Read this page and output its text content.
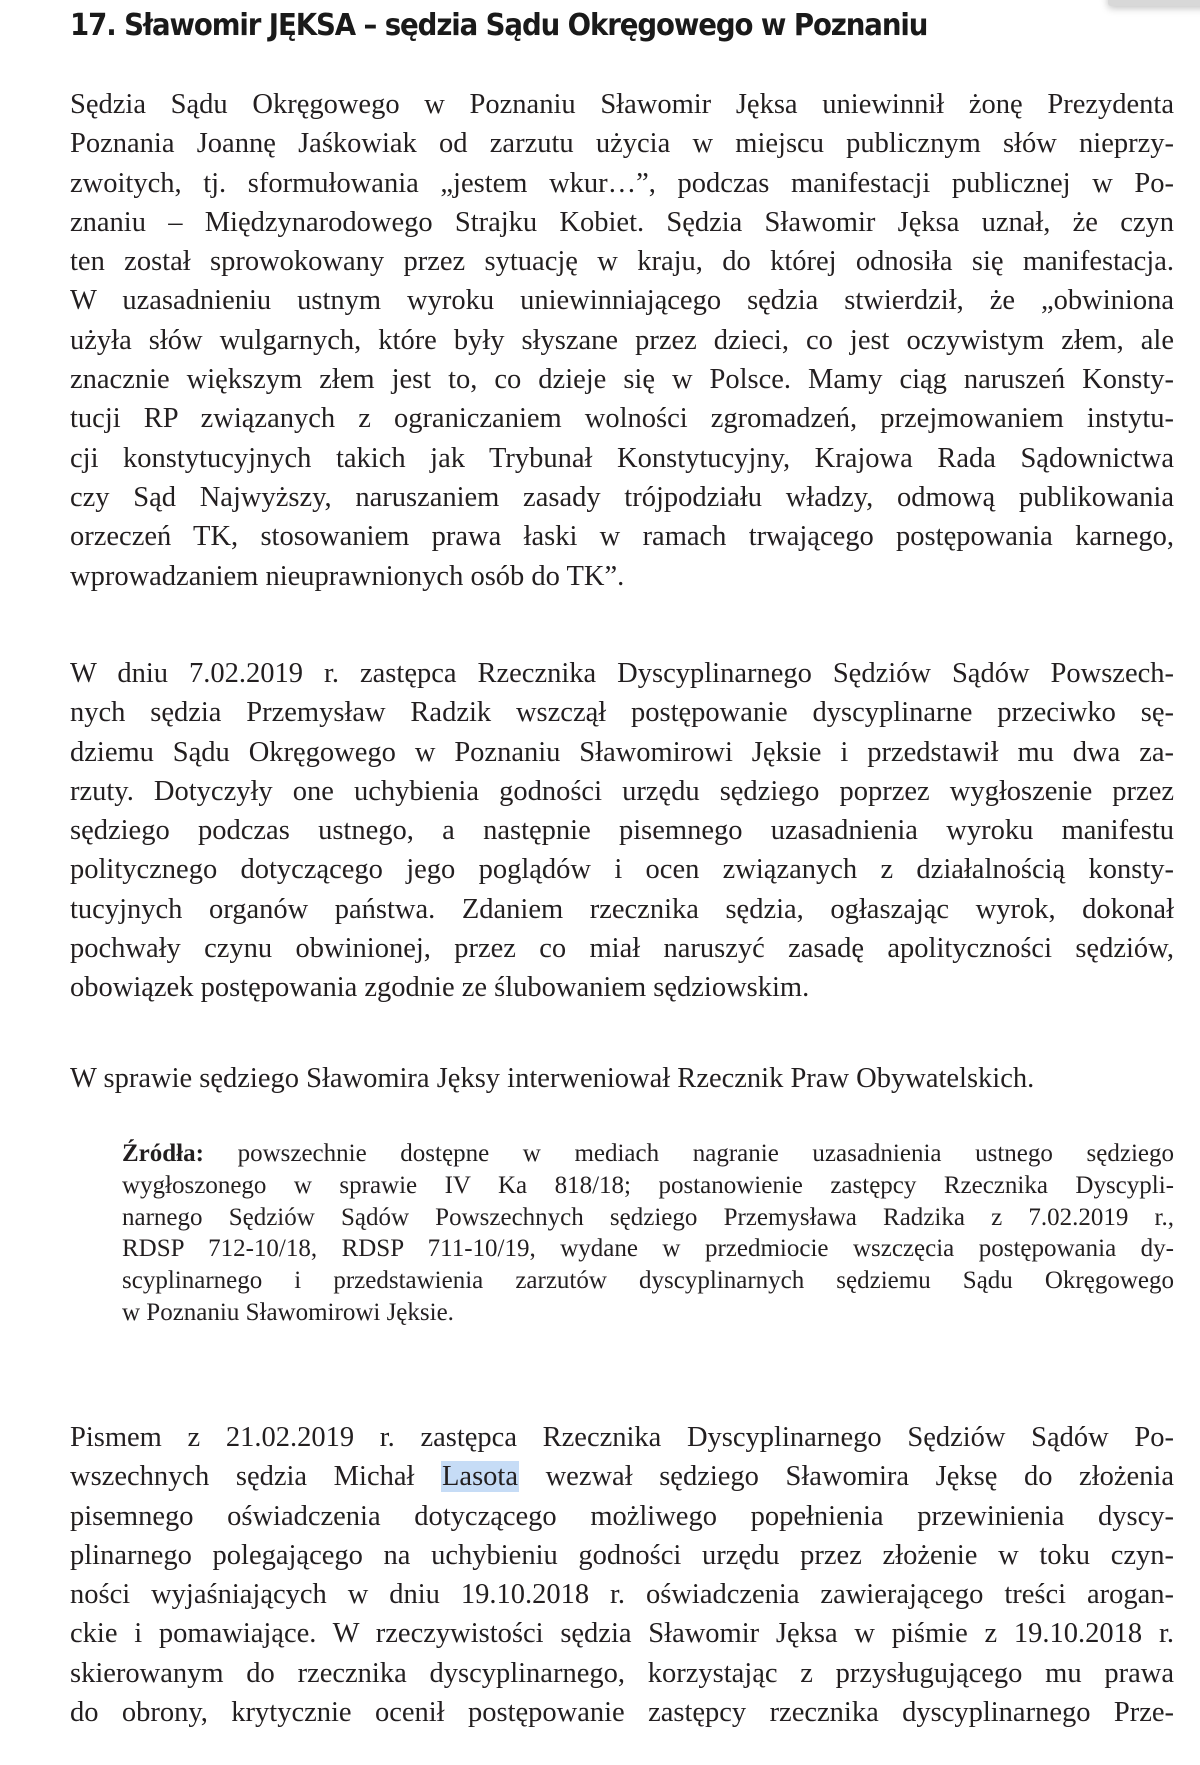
17. Sławomir JĘKSA – sędzia Sądu Okręgowego w Poznaniu
Sędzia Sądu Okręgowego w Poznaniu Sławomir Jęksa uniewinnił żonę Prezydenta
Poznania Joannę Jaśkowiak od zarzutu użycia w miejscu publicznym słów nieprzy-
zwoitych, tj. sformułowania „jestem wkur…”, podczas manifestacji publicznej w Po-
znaniu – Międzynarodowego Strajku Kobiet. Sędzia Sławomir Jęksa uznał, że czyn
ten został sprowokowany przez sytuację w kraju, do której odnosiła się manifestacja.
W uzasadnieniu ustnym wyroku uniewinniającego sędzia stwierdził, że „obwiniona
użyła słów wulgarnych, które były słyszane przez dzieci, co jest oczywistym złem, ale
znacznie większym złem jest to, co dzieje się w Polsce. Mamy ciąg naruszeń Konsty-
tucji RP związanych z ograniczaniem wolności zgromadzeń, przejmowaniem instytu-
cji konstytucyjnych takich jak Trybunał Konstytucyjny, Krajowa Rada Sądownictwa
czy Sąd Najwyższy, naruszaniem zasady trójpodziału władzy, odmową publikowania
orzeczeń TK, stosowaniem prawa łaski w ramach trwającego postępowania karnego,
wprowadzaniem nieuprawnionych osób do TK”.
W dniu 7.02.2019 r. zastępca Rzecznika Dyscyplinarnego Sędziów Sądów Powszech-
nych sędzia Przemysław Radzik wszczął postępowanie dyscyplinarne przeciwko sę-
dziemu Sądu Okręgowego w Poznaniu Sławomirowi Jęksie i przedstawił mu dwa za-
rzuty. Dotyczyły one uchybienia godności urzędu sędziego poprzez wygłoszenie przez
sędziego podczas ustnego, a następnie pisemnego uzasadnienia wyroku manifestu
politycznego dotyczącego jego poglądów i ocen związanych z działalnością konsty-
tucyjnych organów państwa. Zdaniem rzecznika sędzia, ogłaszając wyrok, dokonał
pochwały czynu obwinionej, przez co miał naruszyć zasadę apolityczności sędziów,
obowiązek postępowania zgodnie ze ślubowaniem sędziowskim.
W sprawie sędziego Sławomira Jęksy interweniował Rzecznik Praw Obywatelskich.
Źródła: powszechnie dostępne w mediach nagranie uzasadnienia ustnego sędziego
wygłoszonego w sprawie IV Ka 818/18; postanowienie zastępcy Rzecznika Dyscypli-
narnego Sędziów Sądów Powszechnych sędziego Przemysława Radzika z 7.02.2019 r.,
RDSP 712-10/18, RDSP 711-10/19, wydane w przedmiocie wszczęcia postępowania dy-
scyplinarnego i przedstawienia zarzutów dyscyplinarnych sędziemu Sądu Okręgowego
w Poznaniu Sławomirowi Jęksie.
Pismem z 21.02.2019 r. zastępca Rzecznika Dyscyplinarnego Sędziów Sądów Po-
wszechnych sędzia Michał Lasota wezwał sędziego Sławomira Jęksę do złożenia
pisemnego oświadczenia dotyczącego możliwego popełnienia przewinienia dyscy-
plinarnego polegającego na uchybieniu godności urzędu przez złożenie w toku czyn-
ności wyjaśniających w dniu 19.10.2018 r. oświadczenia zawierającego treści arogan-
ckie i pomawiające. W rzeczywistości sędzia Sławomir Jęksa w piśmie z 19.10.2018 r.
skierowanym do rzecznika dyscyplinarnego, korzystając z przysługującego mu prawa
do obrony, krytycznie ocenił postępowanie zastępcy rzecznika dyscyplinarnego Prze-
